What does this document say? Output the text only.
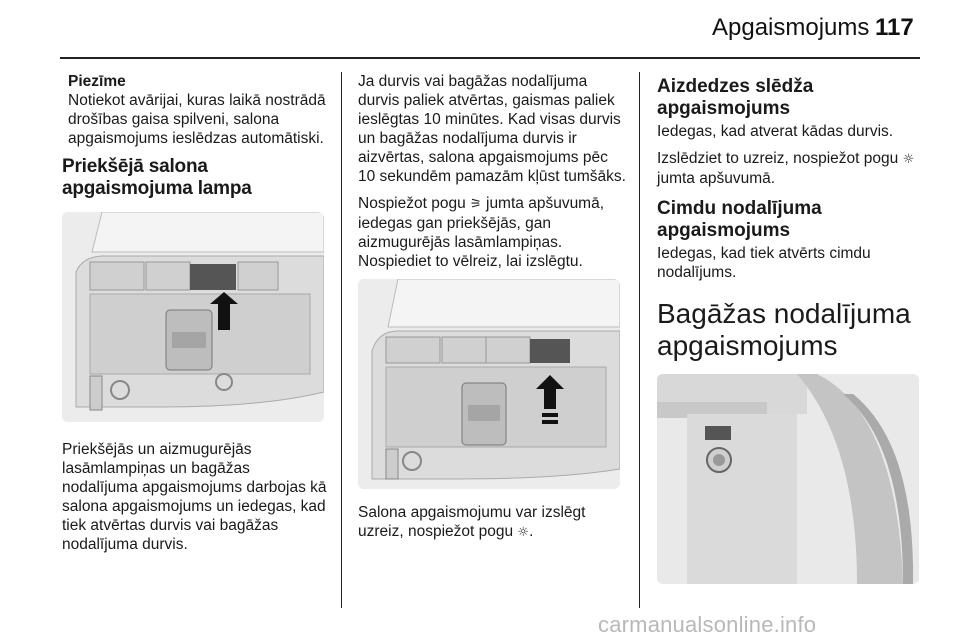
Apgaismojums 117
Piezīme
Notiekot avārijai, kuras laikā nostrādā drošības gaisa spilveni, salona apgaismojums ieslēdzas automātiski.
Priekšējā salona apgaismojuma lampa

Priekšējās un aizmugurējās lasāmlampiņas un bagāžas nodalījuma apgaismojums darbojas kā salona apgaismojums un iedegas, kad tiek atvērtas durvis vai bagāžas nodalījuma durvis.

Ja durvis vai bagāžas nodalījuma durvis paliek atvērtas, gaismas paliek ieslēgtas 10 minūtes. Kad visas durvis un bagāžas nodalījuma durvis ir aizvērtas, salona apgaismojums pēc 10 sekundēm pamazām kļūst tumšāks.

Nospiežot pogu ⚞ jumta apšuvumā, iedegas gan priekšējās, gan aizmugurējās lasāmlampiņas. Nospiediet to vēlreiz, lai izslēgtu.

Salona apgaismojumu var izslēgt uzreiz, nospiežot pogu ☼.

Aizdedzes slēdža apgaismojums

Iedegas, kad atverat kādas durvis.

Izslēdziet to uzreiz, nospiežot pogu ☼ jumta apšuvumā.

Cimdu nodalījuma apgaismojums

Iedegas, kad tiek atvērts cimdu nodalījums.

Bagāžas nodalījuma apgaismojums
carmanualsonline.info
